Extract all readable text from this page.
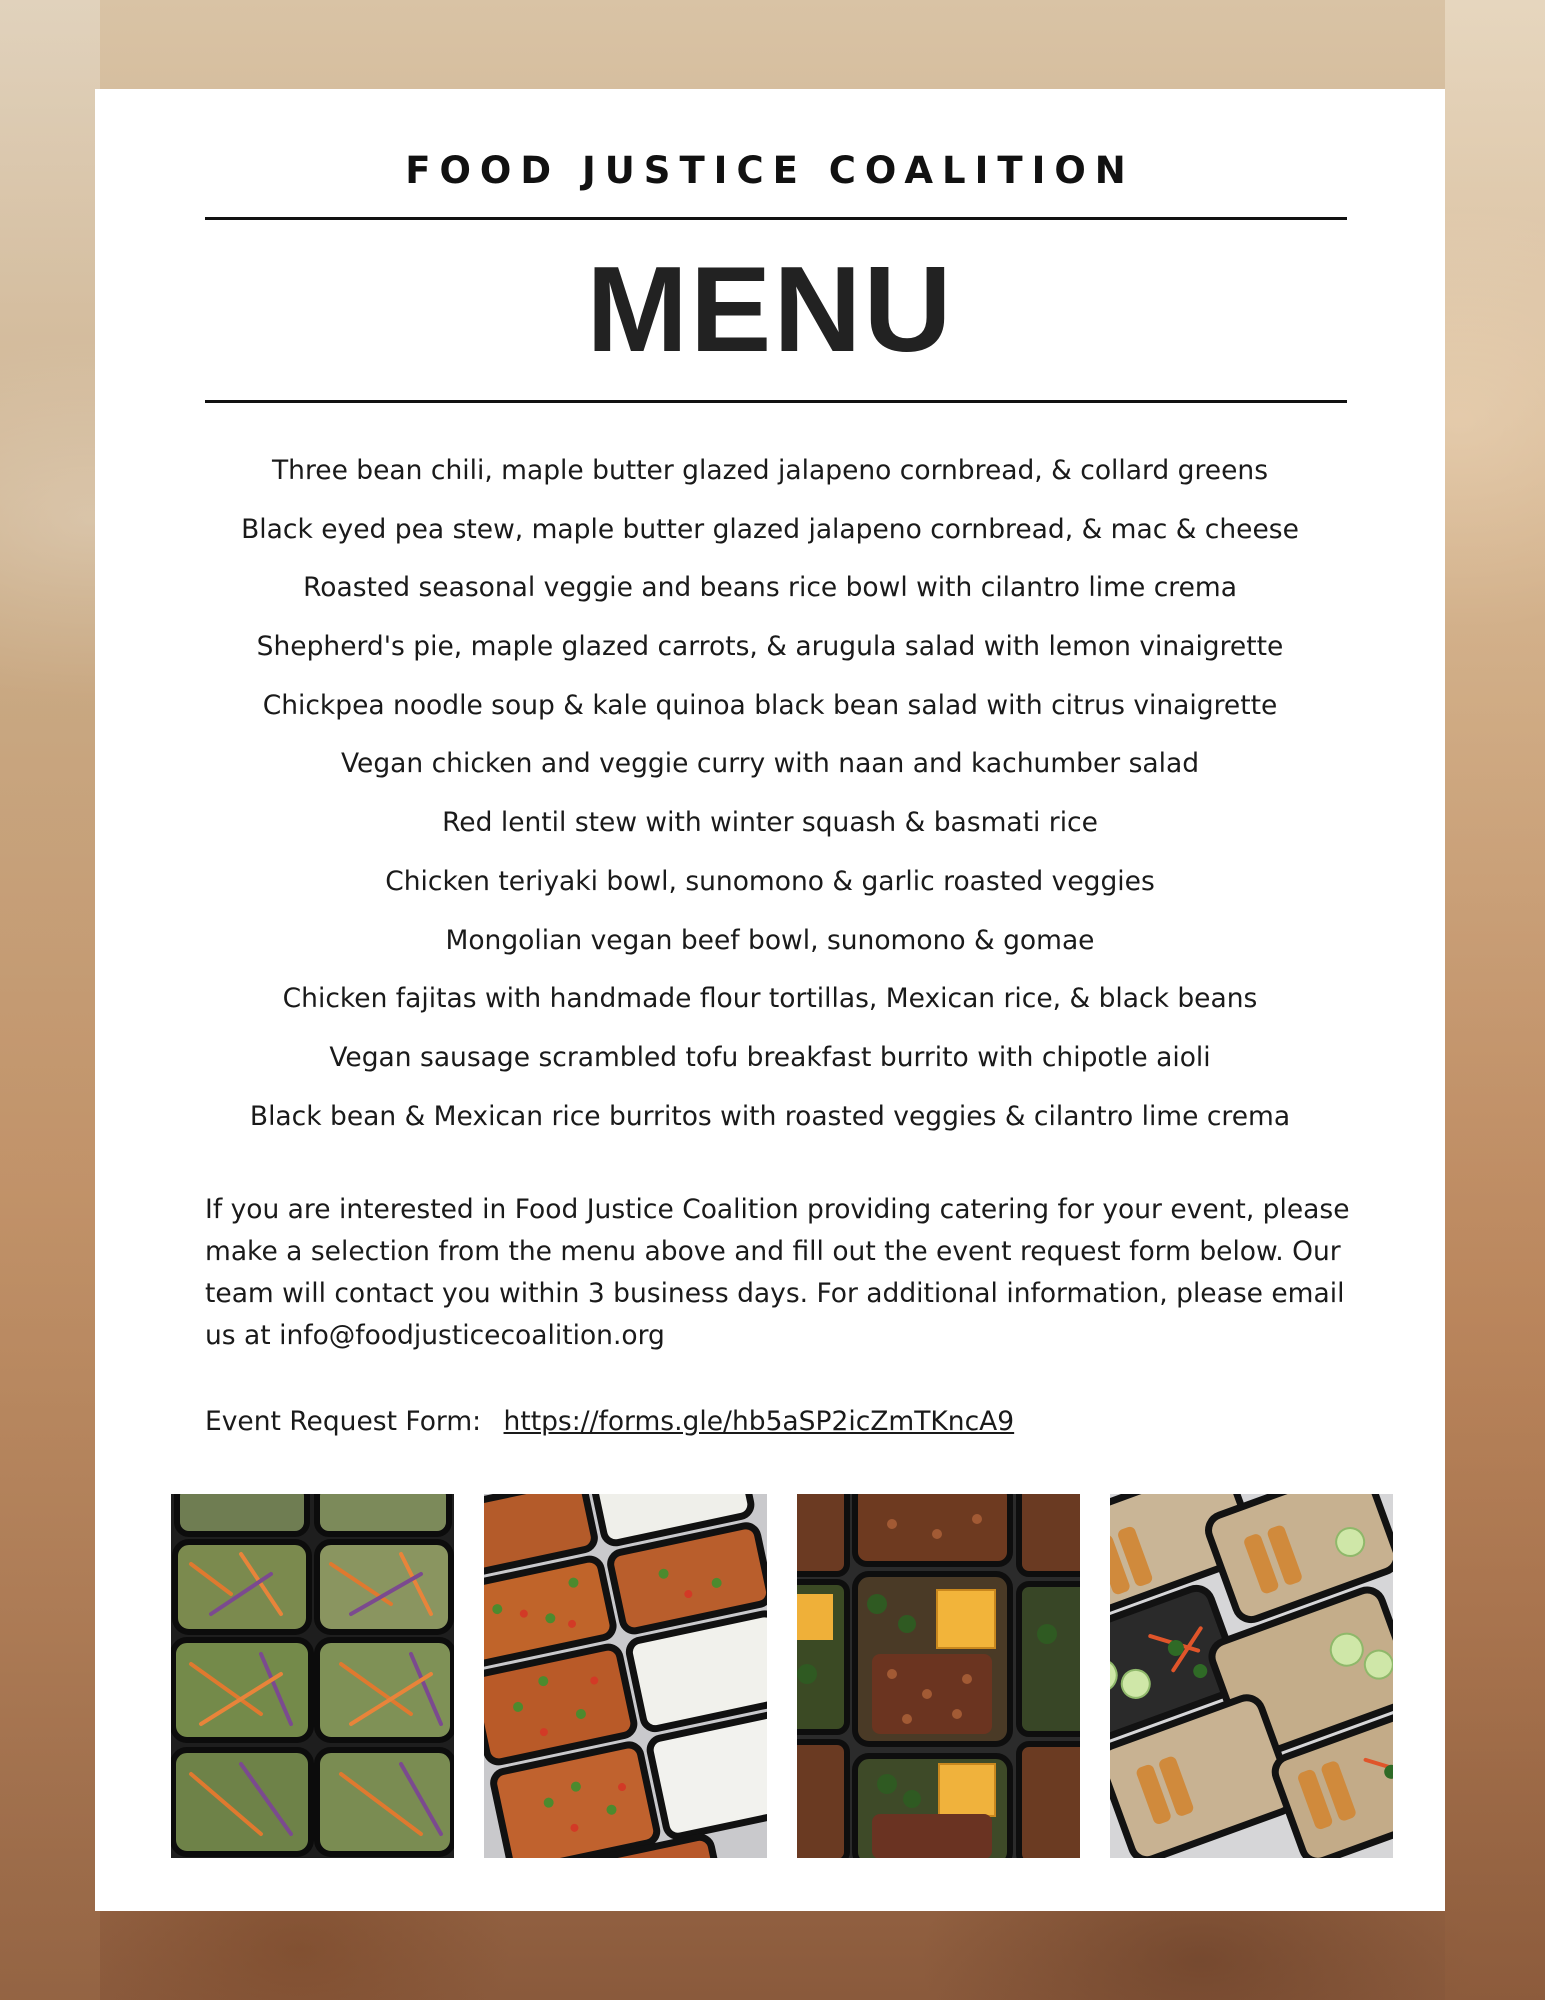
FOOD JUSTICE COALITION
MENU
Three bean chili, maple butter glazed jalapeno cornbread, & collard greens
Black eyed pea stew, maple butter glazed jalapeno cornbread, & mac & cheese
Roasted seasonal veggie and beans rice bowl with cilantro lime crema
Shepherd's pie, maple glazed carrots, & arugula salad with lemon vinaigrette
Chickpea noodle soup & kale quinoa black bean salad with citrus vinaigrette
Vegan chicken and veggie curry with naan and kachumber salad
Red lentil stew with winter squash & basmati rice
Chicken teriyaki bowl, sunomono & garlic roasted veggies
Mongolian vegan beef bowl, sunomono & gomae
Chicken fajitas with handmade flour tortillas, Mexican rice, & black beans
Vegan sausage scrambled tofu breakfast burrito with chipotle aioli
Black bean & Mexican rice burritos with roasted veggies & cilantro lime crema

If you are interested in Food Justice Coalition providing catering for your event, please make a selection from the menu above and fill out the event request form below. Our team will contact you within 3 business days. For additional information, please email us at info@foodjusticecoalition.org

Event Request Form: https://forms.gle/hb5aSP2icZmTKncA9
